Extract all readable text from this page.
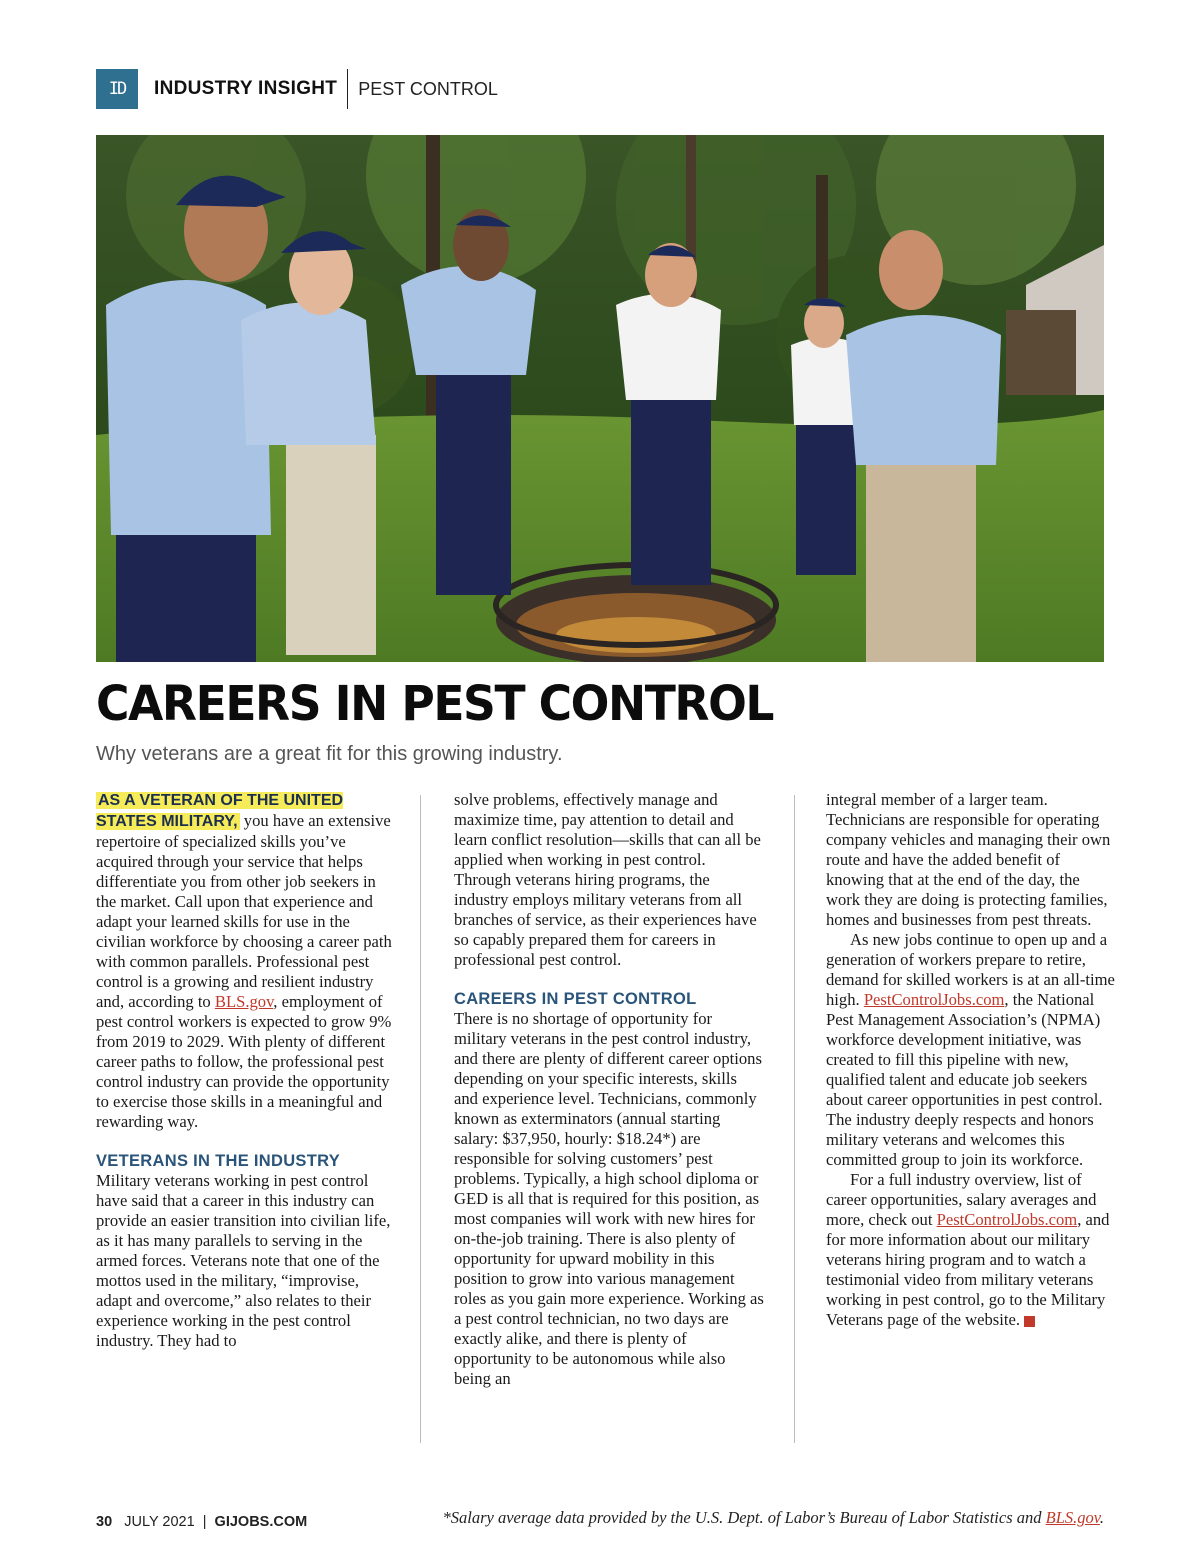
ID INDUSTRY INSIGHT PEST CONTROL
CAREERS IN PEST CONTROL
Why veterans are a great fit for this growing industry.

AS A VETERAN OF THE UNITED STATES MILITARY, you have an extensive repertoire of specialized skills you’ve acquired through your service that helps differentiate you from other job seekers in the market. Call upon that experience and adapt your learned skills for use in the civilian workforce by choosing a career path with common parallels. Professional pest control is a growing and resilient industry and, according to BLS.gov, employment of pest control workers is expected to grow 9% from 2019 to 2029. With plenty of different career paths to follow, the professional pest control industry can provide the opportunity to exercise those skills in a meaningful and rewarding way.

VETERANS IN THE INDUSTRY

Military veterans working in pest control have said that a career in this industry can provide an easier transition into civilian life, as it has many parallels to serving in the armed forces. Veterans note that one of the mottos used in the military, “improvise, adapt and overcome,” also relates to their experience working in the pest control industry. They had to

solve problems, effectively manage and maximize time, pay attention to detail and learn conflict resolution—skills that can all be applied when working in pest control. Through veterans hiring programs, the industry employs military veterans from all branches of service, as their experiences have so capably prepared them for careers in professional pest control.

CAREERS IN PEST CONTROL

There is no shortage of opportunity for military veterans in the pest control industry, and there are plenty of different career options depending on your specific interests, skills and experience level. Technicians, commonly known as exterminators (annual starting salary: $37,950, hourly: $18.24*) are responsible for solving customers’ pest problems. Typically, a high school diploma or GED is all that is required for this position, as most companies will work with new hires for on-the-job training. There is also plenty of opportunity for upward mobility in this position to grow into various management roles as you gain more experience. Working as a pest control technician, no two days are exactly alike, and there is plenty of opportunity to be autonomous while also being an

integral member of a larger team. Technicians are responsible for operating company vehicles and managing their own route and have the added benefit of knowing that at the end of the day, the work they are doing is protecting families, homes and businesses from pest threats.

As new jobs continue to open up and a generation of workers prepare to retire, demand for skilled workers is at an all-time high. PestControlJobs.com, the National Pest Management Association’s (NPMA) workforce development initiative, was created to fill this pipeline with new, qualified talent and educate job seekers about career opportunities in pest control. The industry deeply respects and honors military veterans and welcomes this committed group to join its workforce.

For a full industry overview, list of career opportunities, salary averages and more, check out PestControlJobs.com, and for more information about our military veterans hiring program and to watch a testimonial video from military veterans working in pest control, go to the Military Veterans page of the website.	GI

30 JULY 2021 | GIJOBS.COM	*Salary average data provided by the U.S. Dept. of Labor’s Bureau of Labor Statistics and BLS.gov.
